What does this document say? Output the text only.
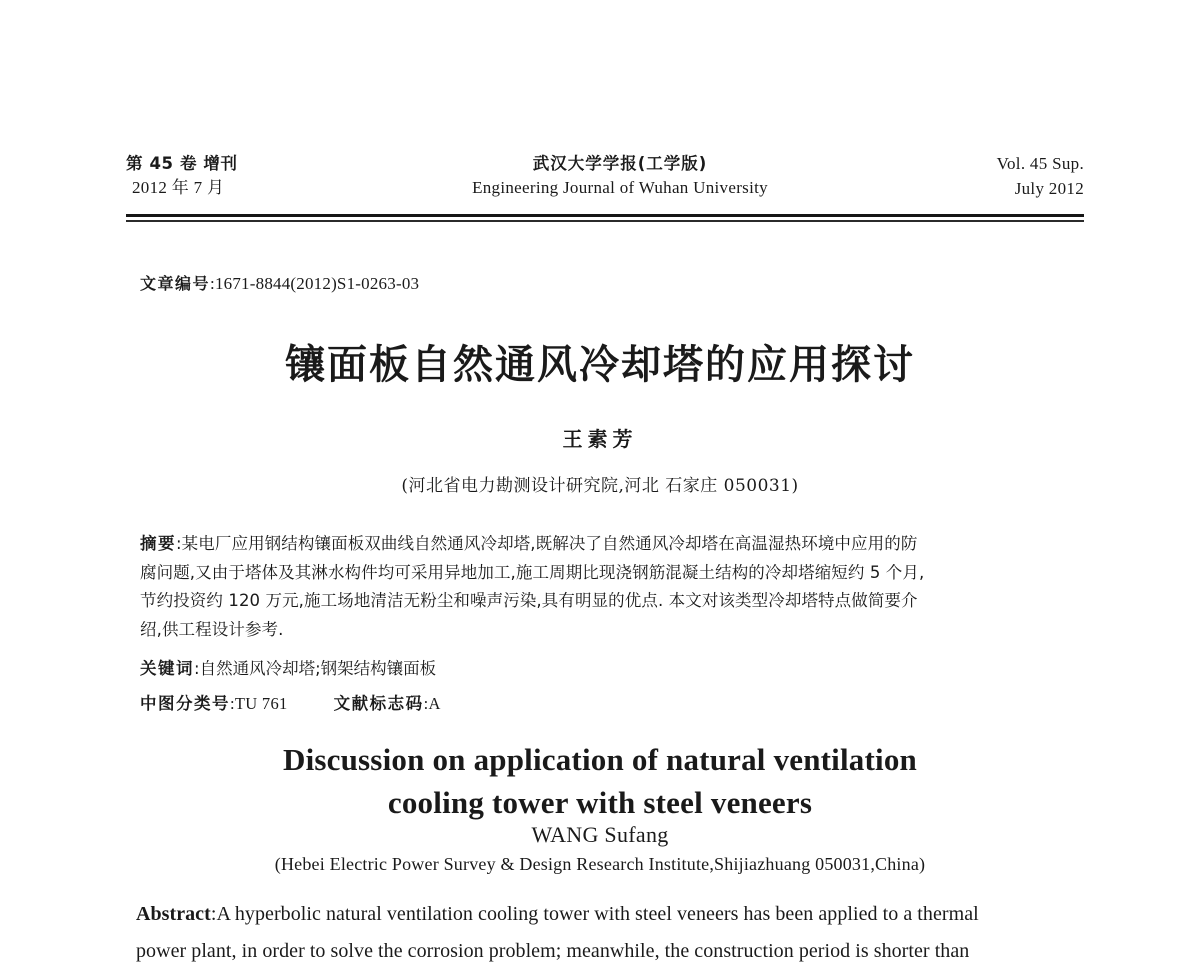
第 45 卷 增刊
2012 年 7 月
武汉大学学报(工学版)
Engineering Journal of Wuhan University
Vol. 45 Sup.
July 2012
文章编号:1671-8844(2012)S1-0263-03
镶面板自然通风冷却塔的应用探讨
王素芳
(河北省电力勘测设计研究院,河北 石家庄 050031)

摘要:某电厂应用钢结构镶面板双曲线自然通风冷却塔,既解决了自然通风冷却塔在高温湿热环境中应用的防

腐问题,又由于塔体及其淋水构件均可采用异地加工,施工周期比现浇钢筋混凝土结构的冷却塔缩短约 5 个月,

节约投资约 120 万元,施工场地清洁无粉尘和噪声污染,具有明显的优点. 本文对该类型冷却塔特点做简要介

绍,供工程设计参考.

关键词:自然通风冷却塔;钢架结构镶面板
中图分类号:TU 761	文献标志码:A
Discussion on application of natural ventilation
cooling tower with steel veneers
WANG Sufang
(Hebei Electric Power Survey & Design Research Institute,Shijiazhuang 050031,China)

Abstract:A hyperbolic natural ventilation cooling tower with steel veneers has been applied to a thermal

power plant, in order to solve the corrosion problem; meanwhile, the construction period is shorter than
